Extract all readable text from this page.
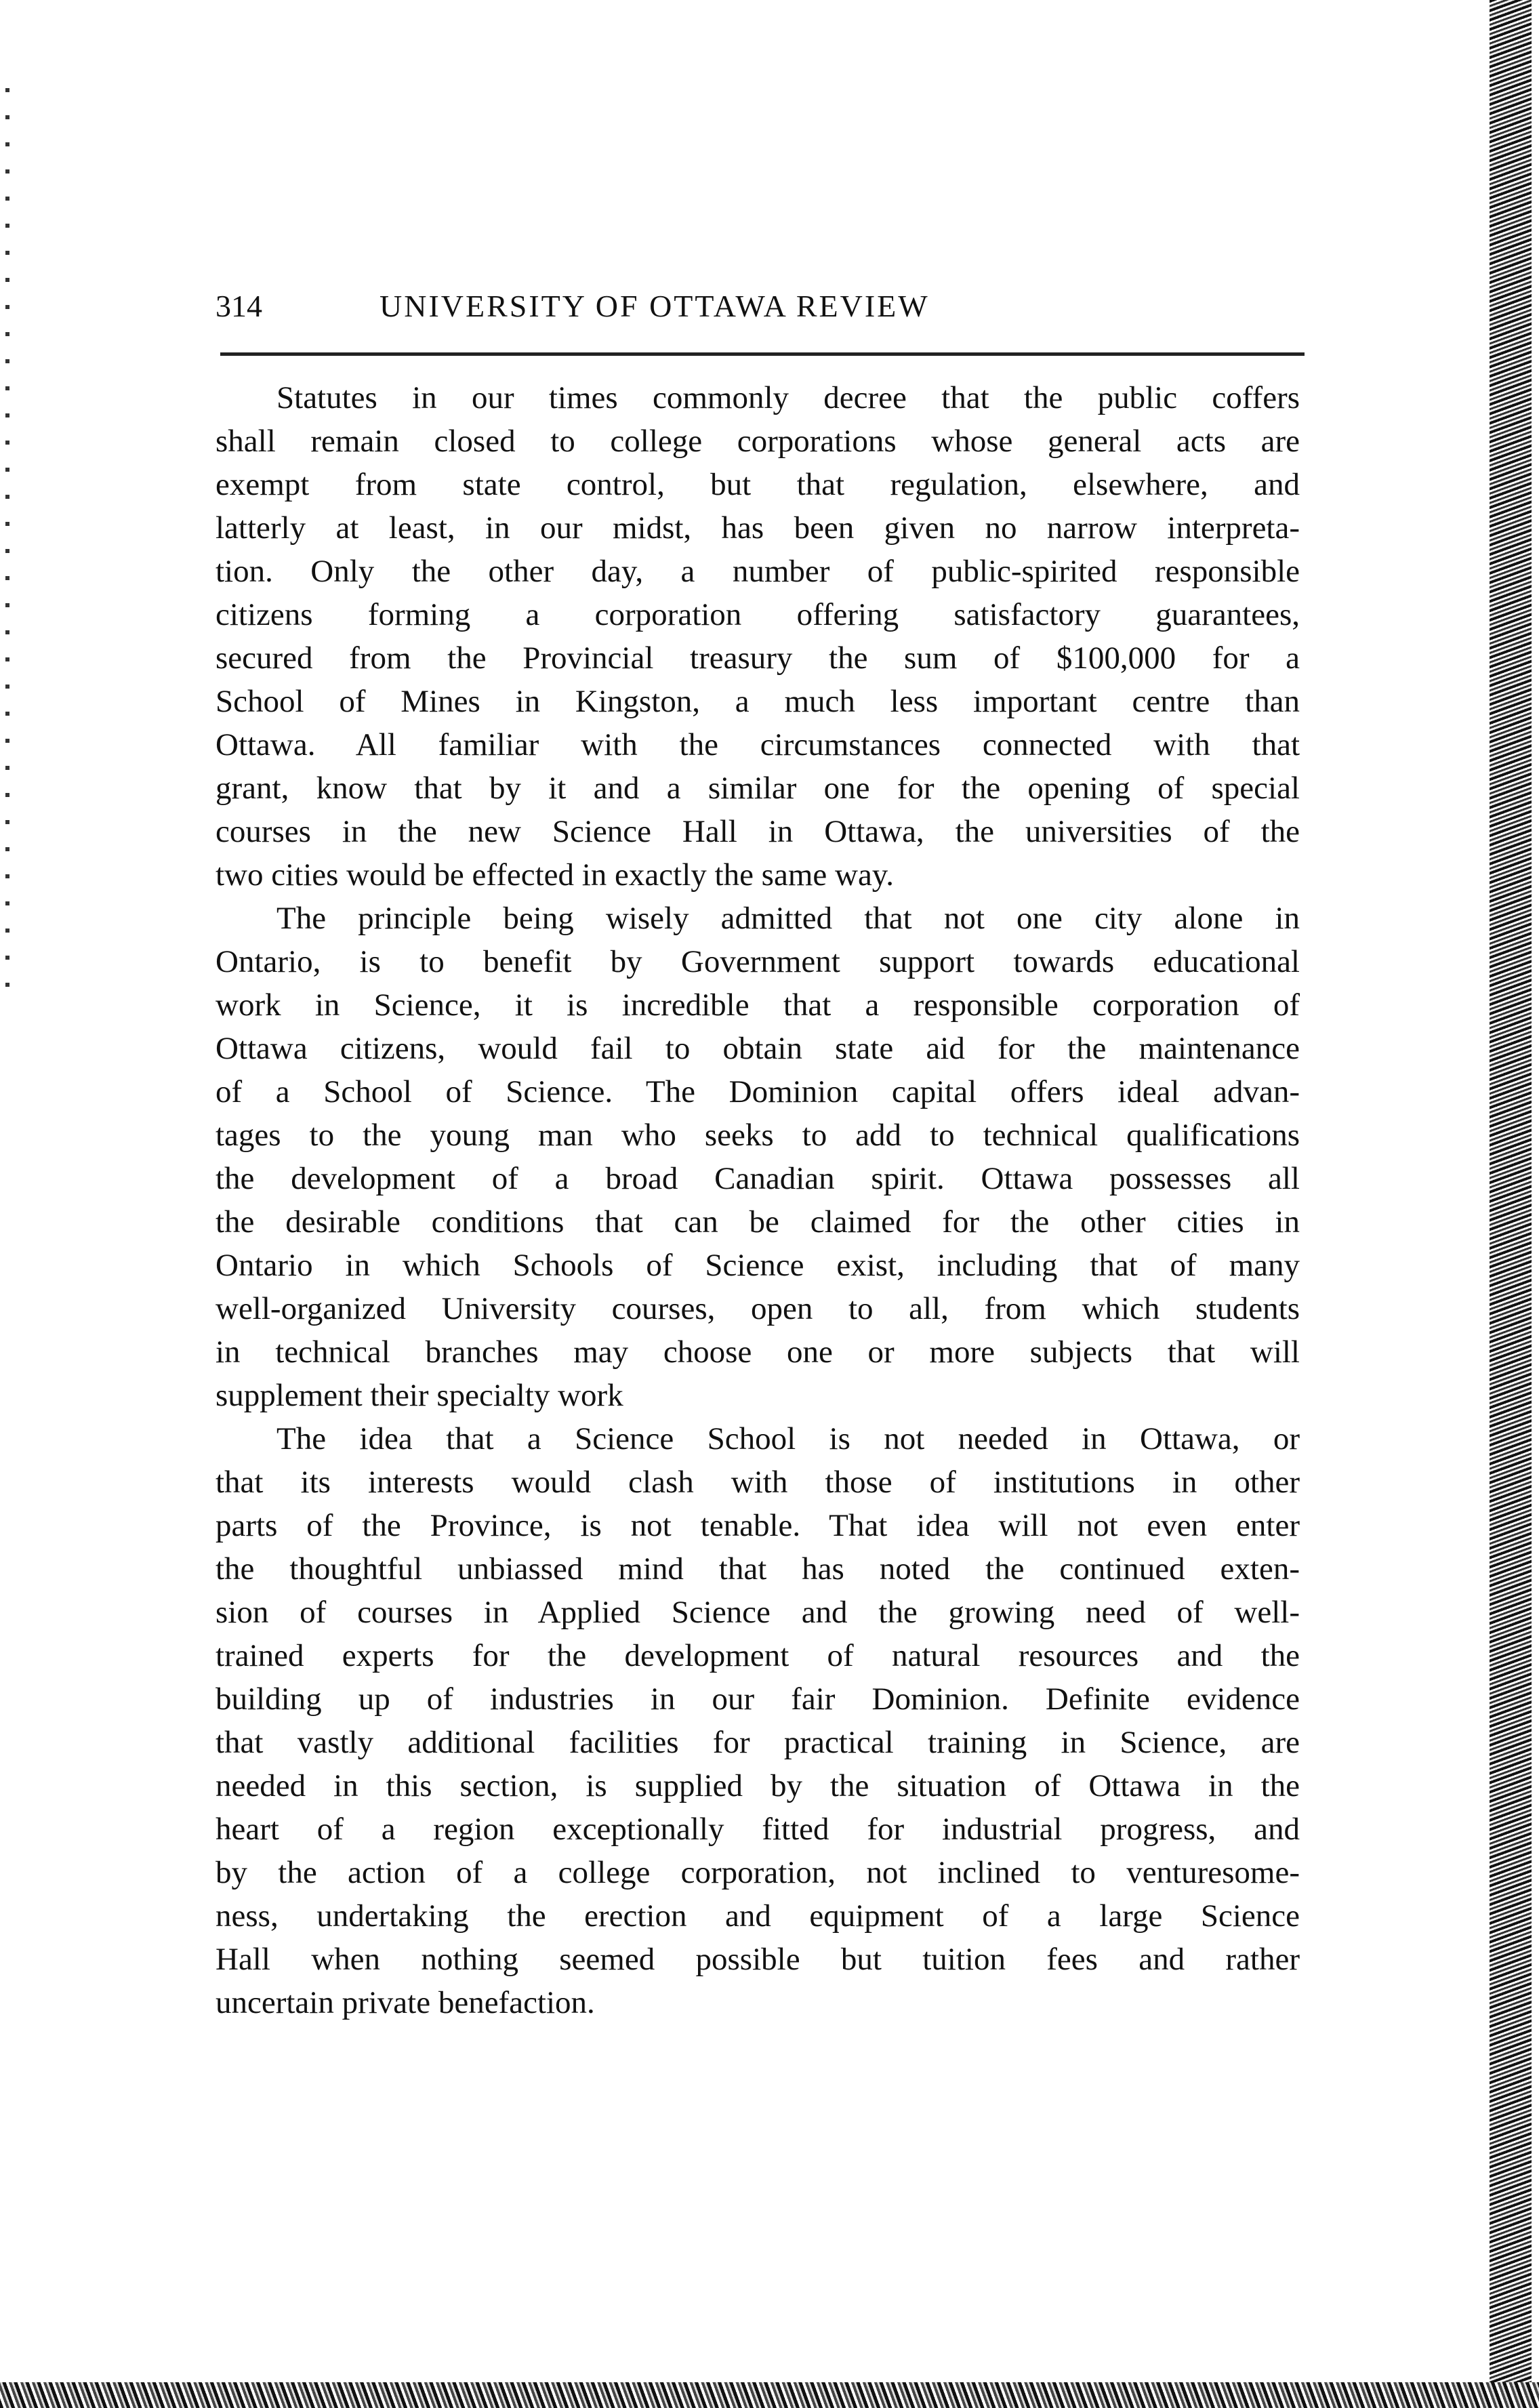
314	UNIVERSITY OF OTTAWA REVIEW
Statutes in our times commonly decree that the public coffers
shall remain closed to college corporations whose general acts are
exempt from state control, but that regulation, elsewhere, and
latterly at least, in our midst, has been given no narrow interpreta-
tion. Only the other day, a number of public-spirited responsible
citizens forming a corporation offering satisfactory guarantees,
secured from the Provincial treasury the sum of $100,000 for a
School of Mines in Kingston, a much less important centre than
Ottawa. All familiar with the circumstances connected with that
grant, know that by it and a similar one for the opening of special
courses in the new Science Hall in Ottawa, the universities of the
two cities would be effected in exactly the same way.
The principle being wisely admitted that not one city alone in
Ontario, is to benefit by Government support towards educational
work in Science, it is incredible that a responsible corporation of
Ottawa citizens, would fail to obtain state aid for the maintenance
of a School of Science. The Dominion capital offers ideal advan-
tages to the young man who seeks to add to technical qualifications
the development of a broad Canadian spirit. Ottawa possesses all
the desirable conditions that can be claimed for the other cities in
Ontario in which Schools of Science exist, including that of many
well-organized University courses, open to all, from which students
in technical branches may choose one or more subjects that will
supplement their specialty work
The idea that a Science School is not needed in Ottawa, or
that its interests would clash with those of institutions in other
parts of the Province, is not tenable. That idea will not even enter
the thoughtful unbiassed mind that has noted the continued exten-
sion of courses in Applied Science and the growing need of well-
trained experts for the development of natural resources and the
building up of industries in our fair Dominion. Definite evidence
that vastly additional facilities for practical training in Science, are
needed in this section, is supplied by the situation of Ottawa in the
heart of a region exceptionally fitted for industrial progress, and
by the action of a college corporation, not inclined to venturesome-
ness, undertaking the erection and equipment of a large Science
Hall when nothing seemed possible but tuition fees and rather
uncertain private benefaction.
